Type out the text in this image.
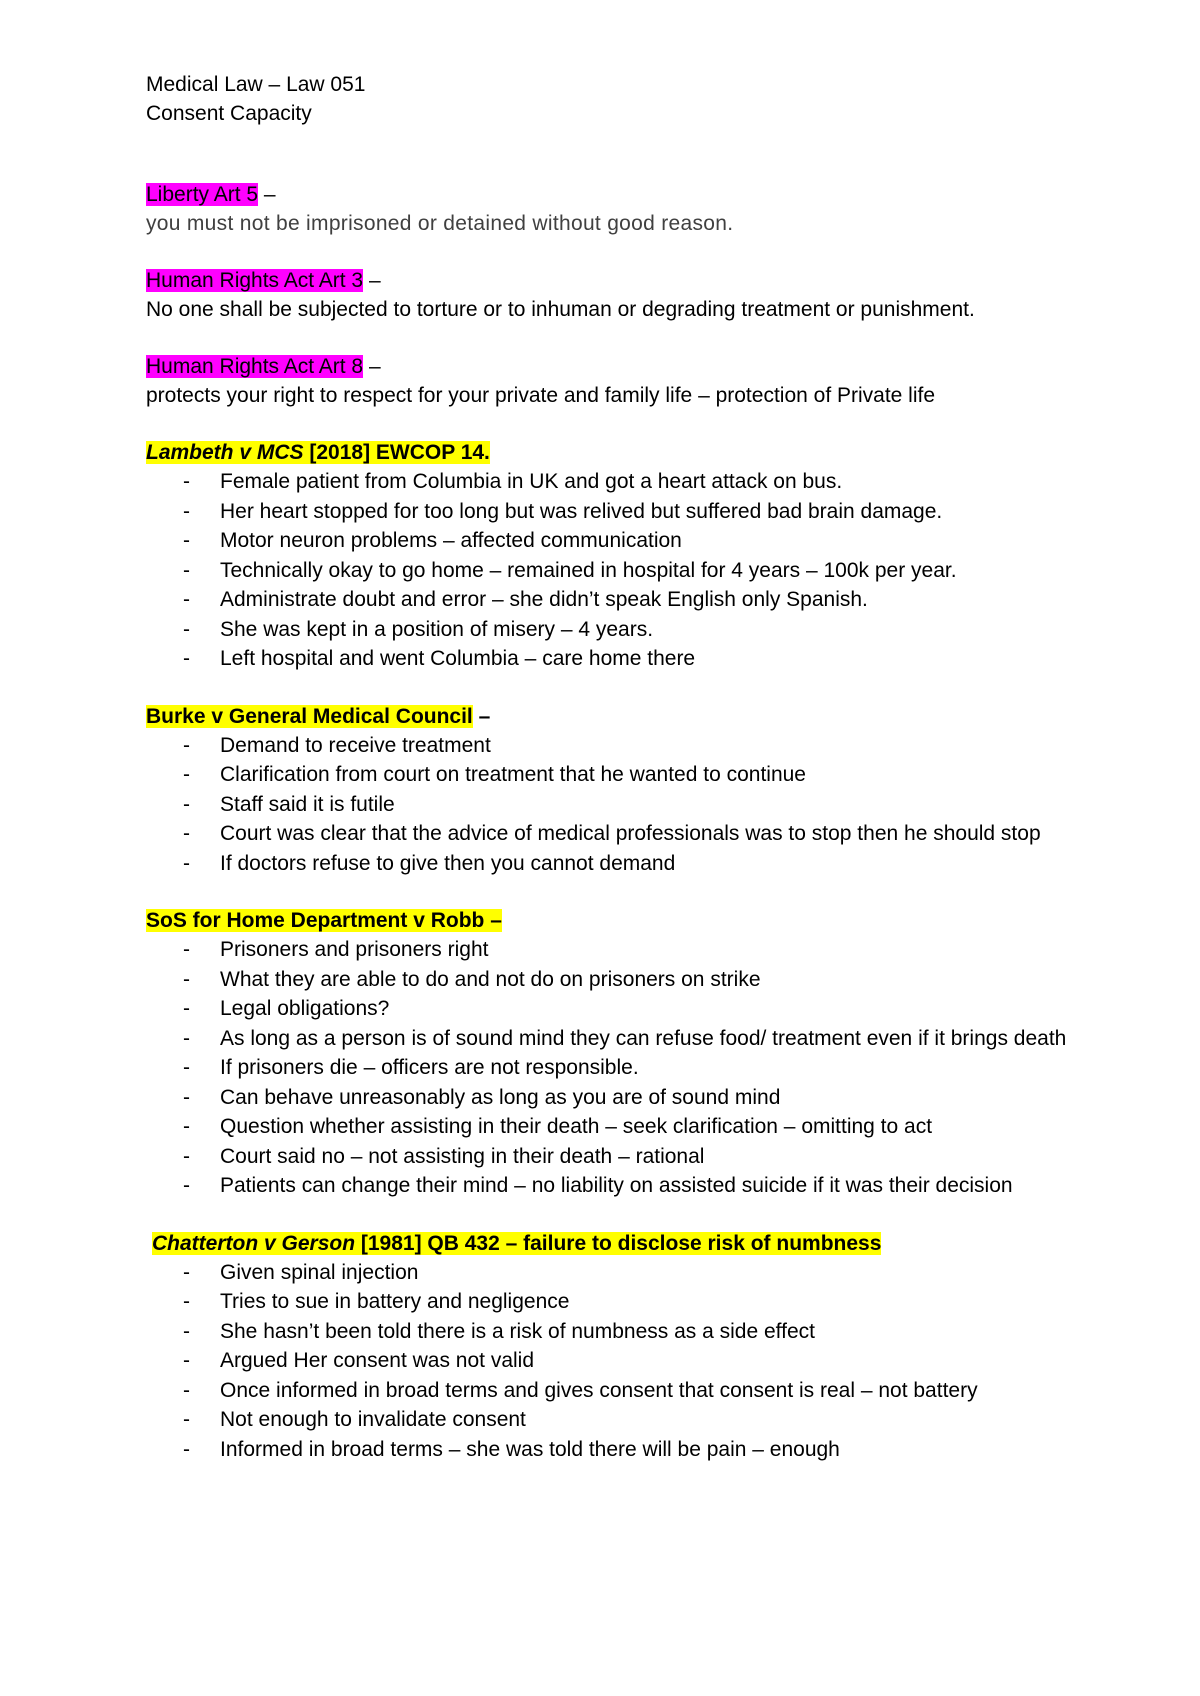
Medical Law – Law 051
Consent Capacity
Liberty Art 5 –
you must not be imprisoned or detained without good reason.
Human Rights Act Art 3 –
No one shall be subjected to torture or to inhuman or degrading treatment or punishment.
Human Rights Act Art 8 –
protects your right to respect for your private and family life – protection of Private life
Lambeth v MCS [2018] EWCOP 14.
- Female patient from Columbia in UK and got a heart attack on bus.
- Her heart stopped for too long but was relived but suffered bad brain damage.
- Motor neuron problems – affected communication
- Technically okay to go home – remained in hospital for 4 years – 100k per year.
- Administrate doubt and error – she didn’t speak English only Spanish.
- She was kept in a position of misery – 4 years.
- Left hospital and went Columbia – care home there
Burke v General Medical Council –
- Demand to receive treatment
- Clarification from court on treatment that he wanted to continue
- Staff said it is futile
- Court was clear that the advice of medical professionals was to stop then he should stop
- If doctors refuse to give then you cannot demand
SoS for Home Department v Robb –
- Prisoners and prisoners right
- What they are able to do and not do on prisoners on strike
- Legal obligations?
- As long as a person is of sound mind they can refuse food/ treatment even if it brings death
- If prisoners die – officers are not responsible.
- Can behave unreasonably as long as you are of sound mind
- Question whether assisting in their death – seek clarification – omitting to act
- Court said no – not assisting in their death – rational
- Patients can change their mind – no liability on assisted suicide if it was their decision
Chatterton v Gerson [1981] QB 432 – failure to disclose risk of numbness
- Given spinal injection
- Tries to sue in battery and negligence
- She hasn’t been told there is a risk of numbness as a side effect
- Argued Her consent was not valid
- Once informed in broad terms and gives consent that consent is real – not battery
- Not enough to invalidate consent
- Informed in broad terms – she was told there will be pain – enough
